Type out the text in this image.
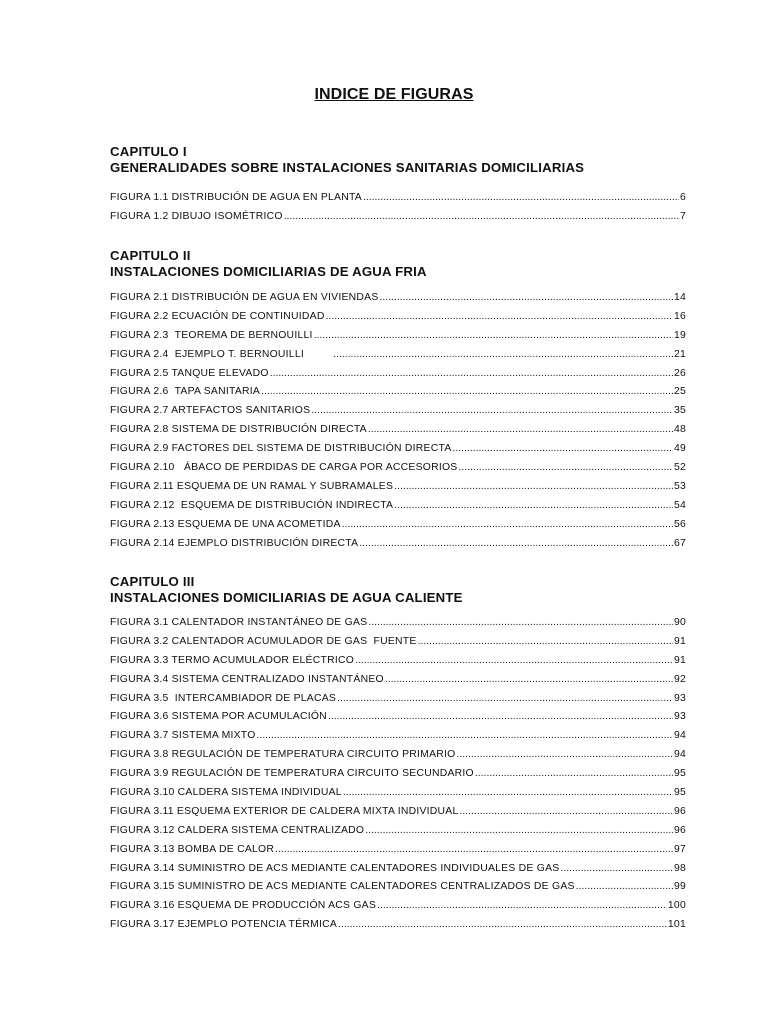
INDICE DE FIGURAS
CAPITULO I
GENERALIDADES SOBRE INSTALACIONES SANITARIAS DOMICILIARIAS
FIGURA 1.1 DISTRIBUCIÓN DE AGUA EN PLANTA .....	6
FIGURA 1.2 DIBUJO ISOMÉTRICO .....	7
CAPITULO II
INSTALACIONES DOMICILIARIAS DE AGUA FRIA
FIGURA 2.1 DISTRIBUCIÓN DE AGUA EN VIVIENDAS .....	14
FIGURA 2.2 ECUACIÓN DE CONTINUIDAD .....	16
FIGURA 2.3  TEOREMA DE BERNOUILLI .....	19
FIGURA 2.4  EJEMPLO T. BERNOUILLI .....	21
FIGURA 2.5 TANQUE ELEVADO .....	26
FIGURA 2.6  TAPA SANITARIA .....	25
FIGURA 2.7 ARTEFACTOS SANITARIOS .....	35
FIGURA 2.8 SISTEMA DE DISTRIBUCIÓN DIRECTA .....	48
FIGURA 2.9 FACTORES DEL SISTEMA DE DISTRIBUCIÓN DIRECTA .....	49
FIGURA 2.10   ÁBACO DE PERDIDAS DE CARGA POR ACCESORIOS .....	52
FIGURA 2.11 ESQUEMA DE UN RAMAL Y SUBRAMALES .....	53
FIGURA 2.12  ESQUEMA DE DISTRIBUCIÓN INDIRECTA .....	54
FIGURA 2.13 ESQUEMA DE UNA ACOMETIDA .....	56
FIGURA 2.14 EJEMPLO DISTRIBUCIÓN DIRECTA .....	67
CAPITULO III
INSTALACIONES DOMICILIARIAS DE AGUA CALIENTE
FIGURA 3.1 CALENTADOR INSTANTÁNEO DE GAS .....	90
FIGURA 3.2 CALENTADOR ACUMULADOR DE GAS  FUENTE .....	91
FIGURA 3.3 TERMO ACUMULADOR ELÉCTRICO .....	91
FIGURA 3.4 SISTEMA CENTRALIZADO INSTANTÁNEO .....	92
FIGURA 3.5  INTERCAMBIADOR DE PLACAS .....	93
FIGURA 3.6 SISTEMA POR ACUMULACIÓN .....	93
FIGURA 3.7 SISTEMA MIXTO .....	94
FIGURA 3.8 REGULACIÓN DE TEMPERATURA CIRCUITO PRIMARIO .....	94
FIGURA 3.9 REGULACIÓN DE TEMPERATURA CIRCUITO SECUNDARIO .....	95
FIGURA 3.10 CALDERA SISTEMA INDIVIDUAL .....	95
FIGURA 3.11 ESQUEMA EXTERIOR DE CALDERA MIXTA INDIVIDUAL .....	96
FIGURA 3.12 CALDERA SISTEMA CENTRALIZADO .....	96
FIGURA 3.13 BOMBA DE CALOR .....	97
FIGURA 3.14 SUMINISTRO DE ACS MEDIANTE CALENTADORES INDIVIDUALES DE GAS .....	98
FIGURA 3.15 SUMINISTRO DE ACS MEDIANTE CALENTADORES CENTRALIZADOS DE GAS .....	99
FIGURA 3.16 ESQUEMA DE PRODUCCIÓN ACS GAS .....	100
FIGURA 3.17 EJEMPLO POTENCIA TÉRMICA .....	101
